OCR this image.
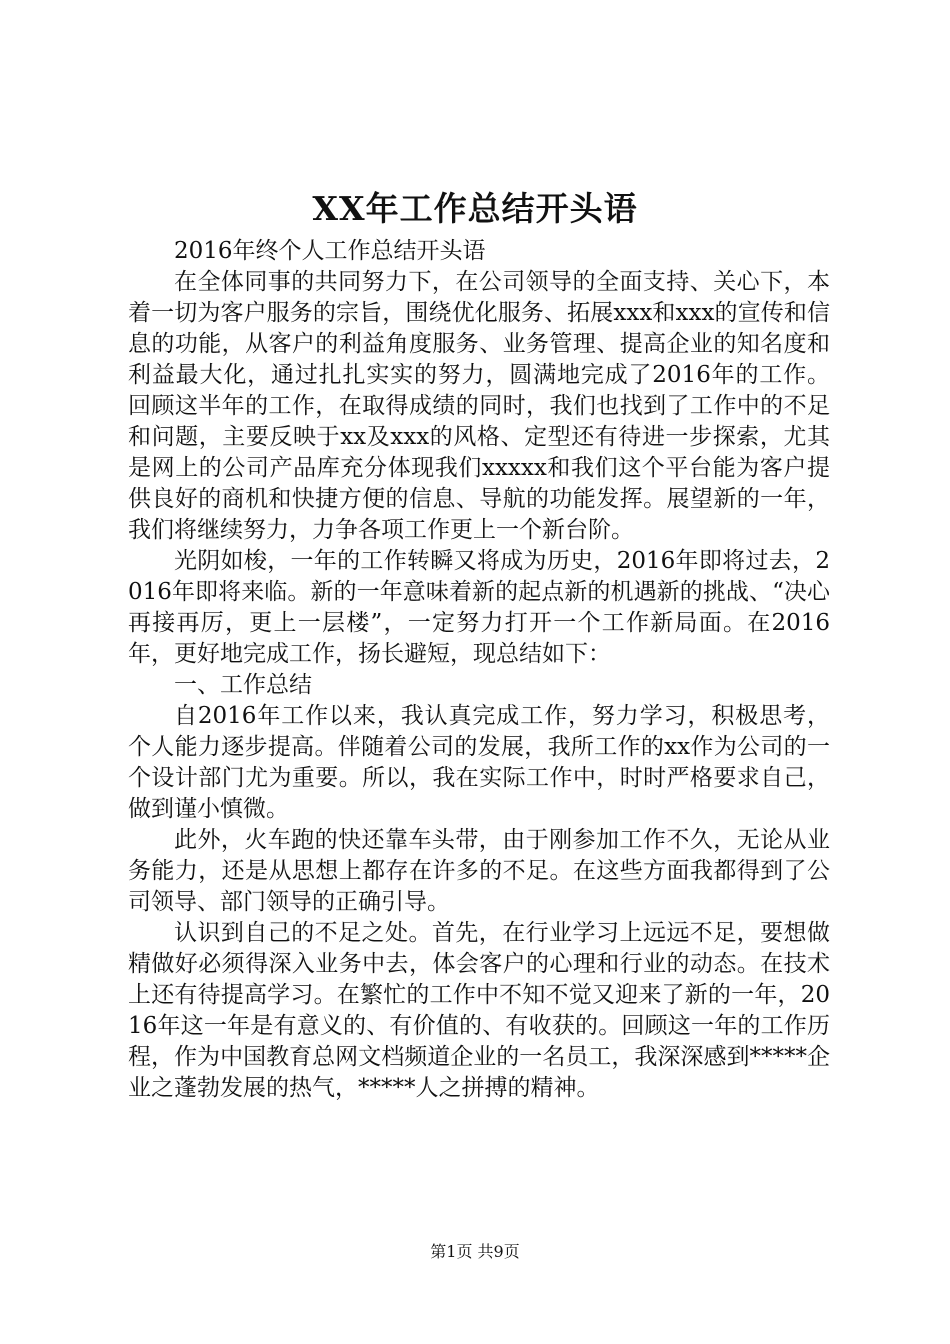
XX年工作总结开头语

2016年终个人工作总结开头语

在全体同事的共同努力下，在公司领导的全面支持、关心下，本着一切为客户服务的宗旨，围绕优化服务、拓展xxx和xxx的宣传和信息的功能，从客户的利益角度服务、业务管理、提高企业的知名度和利益最大化，通过扎扎实实的努力，圆满地完成了2016年的工作。回顾这半年的工作，在取得成绩的同时，我们也找到了工作中的不足和问题，主要反映于xx及xxx的风格、定型还有待进一步探索，尤其是网上的公司产品库充分体现我们xxxxx和我们这个平台能为客户提供良好的商机和快捷方便的信息、导航的功能发挥。展望新的一年，我们将继续努力，力争各项工作更上一个新台阶。

光阴如梭，一年的工作转瞬又将成为历史，2016年即将过去，2016年即将来临。新的一年意味着新的起点新的机遇新的挑战、“决心再接再厉，更上一层楼”，一定努力打开一个工作新局面。在2016年，更好地完成工作，扬长避短，现总结如下：

一、工作总结

自2016年工作以来，我认真完成工作，努力学习，积极思考，个人能力逐步提高。伴随着公司的发展，我所工作的xx作为公司的一个设计部门尤为重要。所以，我在实际工作中，时时严格要求自己，做到谨小慎微。

此外，火车跑的快还靠车头带，由于刚参加工作不久，无论从业务能力，还是从思想上都存在许多的不足。在这些方面我都得到了公司领导、部门领导的正确引导。

认识到自己的不足之处。首先，在行业学习上远远不足，要想做精做好必须得深入业务中去，体会客户的心理和行业的动态。在技术上还有待提高学习。在繁忙的工作中不知不觉又迎来了新的一年，2016年这一年是有意义的、有价值的、有收获的。回顾这一年的工作历程，作为中国教育总网文档频道企业的一名员工，我深深感到*****企业之蓬勃发展的热气，*****人之拼搏的精神。

第1页 共9页
